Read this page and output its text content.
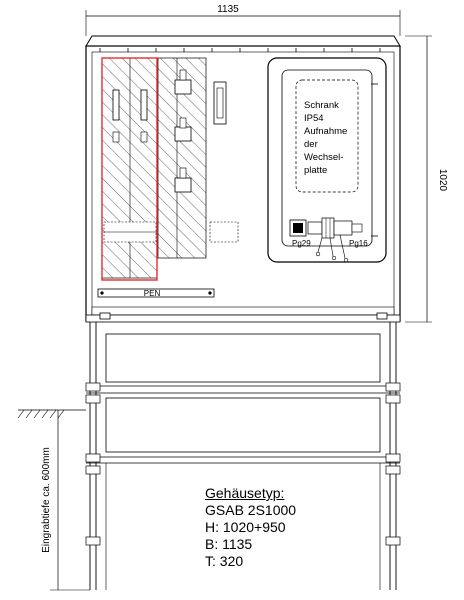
1135
1020
PEN
Schrank
IP54
Aufnahme
der
Wechsel-
platte
Pg29	Pg16
Eingrabtiefe ca. 600mm	Gehäusetyp:
GSAB 2S1000
H: 1020+950
B: 1135
T: 320
